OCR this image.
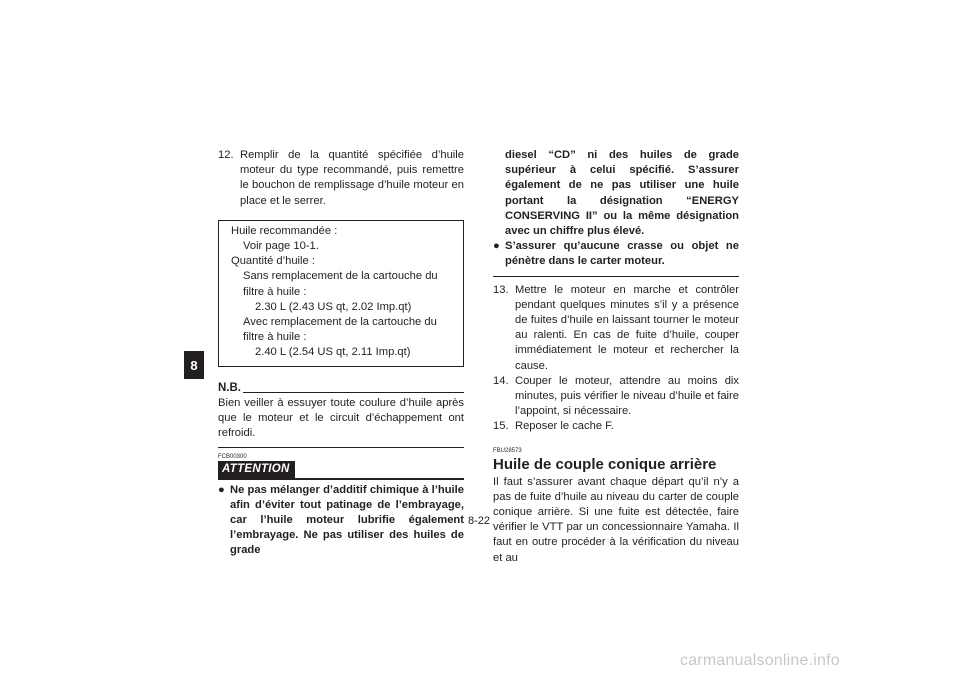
8
12. Remplir de la quantité spécifiée d’huile moteur du type recommandé, puis remettre le bouchon de remplissage d’huile moteur en place et le serrer.

Huile recommandée :

Voir page 10-1.

Quantité d’huile :

Sans remplacement de la cartouche du filtre à huile :

2.30 L (2.43 US qt, 2.02 Imp.qt)

Avec remplacement de la cartouche du filtre à huile :

2.40 L (2.54 US qt, 2.11 Imp.qt)

N.B.

Bien veiller à essuyer toute coulure d’huile après que le moteur et le circuit d’échappement ont refroidi.

FCB00300
ATTENTION
● Ne pas mélanger d’additif chimique à l’huile afin d’éviter tout patinage de l’embrayage, car l’huile moteur lubrifie également l’embrayage. Ne pas utiliser des huiles de grade

diesel “CD” ni des huiles de grade supérieur à celui spécifié. S’assurer également de ne pas utiliser une huile portant la désignation “ENERGY CONSERVING II” ou la même désignation avec un chiffre plus élevé.

● S’assurer qu’aucune crasse ou objet ne pénètre dans le carter moteur.
13. Mettre le moteur en marche et contrôler pendant quelques minutes s’il y a présence de fuites d’huile en laissant tourner le moteur au ralenti. En cas de fuite d’huile, couper immédiatement le moteur et rechercher la cause.
14. Couper le moteur, attendre au moins dix minutes, puis vérifier le niveau d’huile et faire l’appoint, si nécessaire.
15. Reposer le cache F.
FBU28573
Huile de couple conique arrière

Il faut s’assurer avant chaque départ qu’il n’y a pas de fuite d’huile au niveau du carter de couple conique arrière. Si une fuite est détectée, faire vérifier le VTT par un concessionnaire Yamaha. Il faut en outre procéder à la vérification du niveau et au

8-22
carmanualsonline.info
